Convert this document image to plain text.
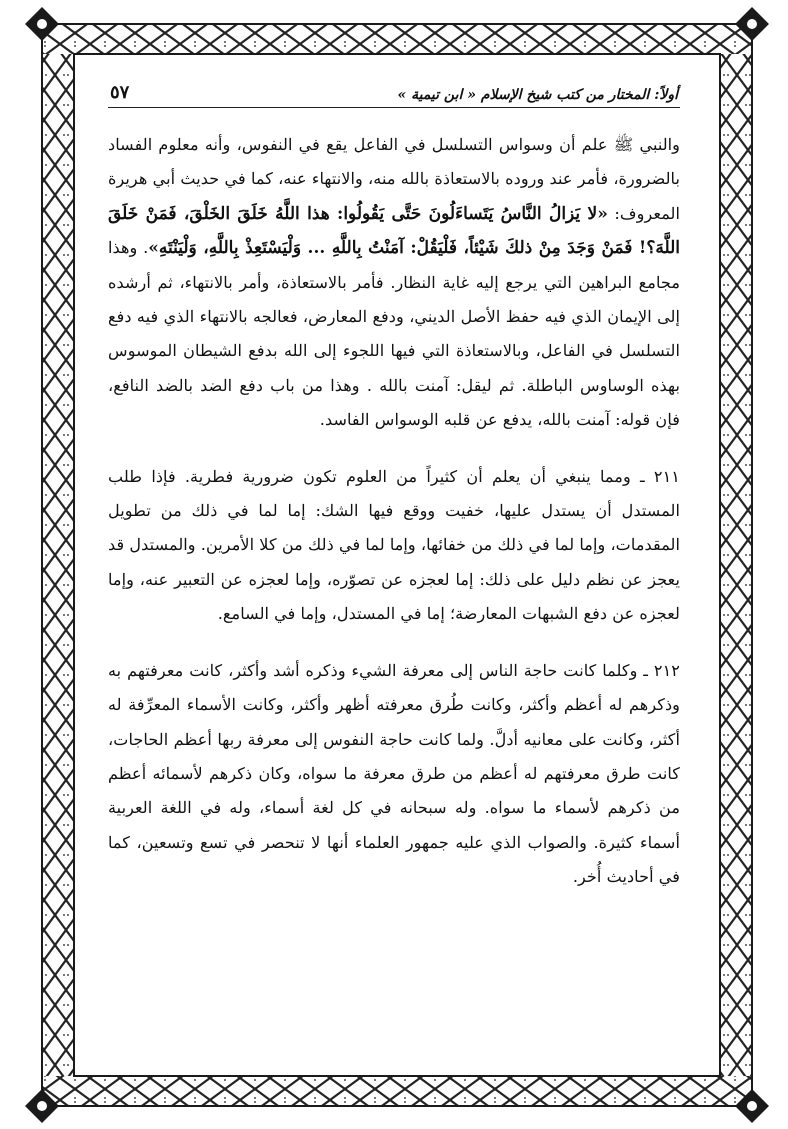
أولاً: المختار من كتب شيخ الإسلام « ابن تيمية »
٥٧

والنبي ﷺ علم أن وسواس التسلسل في الفاعل يقع في النفوس، وأنه معلوم الفساد بالضرورة، فأمر عند وروده بالاستعاذة بالله منه، والانتهاء عنه، كما في حديث أبي هريرة المعروف: «لا يَزالُ النَّاسُ يَتَساءَلُونَ حَتَّى يَقُولُوا: هذا اللَّهُ خَلَقَ الخَلْقَ، فَمَنْ خَلَقَ اللَّهَ؟! فَمَنْ وَجَدَ مِنْ ذلكَ شَيْئاً، فَلْيَقُلْ: آمَنْتُ بِاللَّهِ ... وَلْيَسْتَعِذْ بِاللَّهِ، وَلْيَنْتَهِ». وهذا مجامع البراهين التي يرجع إليه غاية النظار. فأمر بالاستعاذة، وأمر بالانتهاء، ثم أرشده إلى الإيمان الذي فيه حفظ الأصل الديني، ودفع المعارض، فعالجه بالانتهاء الذي فيه دفع التسلسل في الفاعل، وبالاستعاذة التي فيها اللجوء إلى الله بدفع الشيطان الموسوس بهذه الوساوس الباطلة. ثم ليقل: آمنت بالله . وهذا من باب دفع الضد بالضد النافع، فإن قوله: آمنت بالله، يدفع عن قلبه الوسواس الفاسد.

٢١١ ـ ومما ينبغي أن يعلم أن كثيراً من العلوم تكون ضرورية فطرية. فإذا طلب المستدل أن يستدل عليها، خفيت ووقع فيها الشك: إما لما في ذلك من تطويل المقدمات، وإما لما في ذلك من خفائها، وإما لما في ذلك من كلا الأمرين. والمستدل قد يعجز عن نظم دليل على ذلك: إما لعجزه عن تصوّره، وإما لعجزه عن التعبير عنه، وإما لعجزه عن دفع الشبهات المعارضة؛ إما في المستدل، وإما في السامع.

٢١٢ ـ وكلما كانت حاجة الناس إلى معرفة الشيء وذكره أشد وأكثر، كانت معرفتهم به وذكرهم له أعظم وأكثر، وكانت طُرق معرفته أظهر وأكثر، وكانت الأسماء المعرِّفة له أكثر، وكانت على معانيه أدلَّ. ولما كانت حاجة النفوس إلى معرفة ربها أعظم الحاجات، كانت طرق معرفتهم له أعظم من طرق معرفة ما سواه، وكان ذكرهم لأسمائه أعظم من ذكرهم لأسماء ما سواه. وله سبحانه في كل لغة أسماء، وله في اللغة العربية أسماء كثيرة. والصواب الذي عليه جمهور العلماء أنها لا تنحصر في تسع وتسعين، كما في أحاديث أُخر.
